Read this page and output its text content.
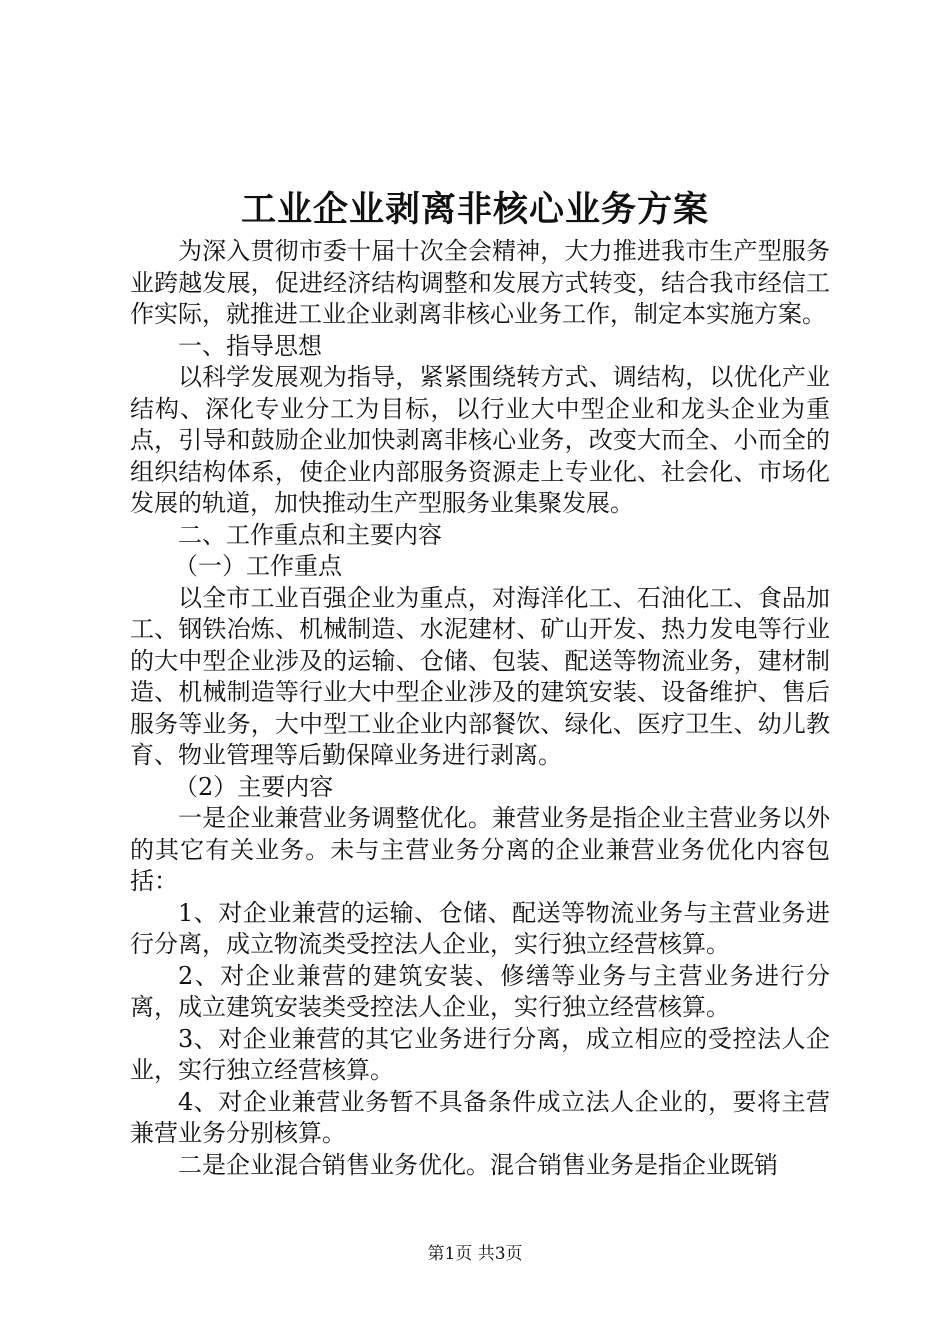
工业企业剥离非核心业务方案

为深入贯彻市委十届十次全会精神，大力推进我市生产型服务业跨越发展，促进经济结构调整和发展方式转变，结合我市经信工作实际，就推进工业企业剥离非核心业务工作，制定本实施方案。

一、指导思想

以科学发展观为指导，紧紧围绕转方式、调结构，以优化产业结构、深化专业分工为目标，以行业大中型企业和龙头企业为重点，引导和鼓励企业加快剥离非核心业务，改变大而全、小而全的组织结构体系，使企业内部服务资源走上专业化、社会化、市场化发展的轨道，加快推动生产型服务业集聚发展。

二、工作重点和主要内容

（一）工作重点

以全市工业百强企业为重点，对海洋化工、石油化工、食品加工、钢铁冶炼、机械制造、水泥建材、矿山开发、热力发电等行业的大中型企业涉及的运输、仓储、包装、配送等物流业务，建材制造、机械制造等行业大中型企业涉及的建筑安装、设备维护、售后服务等业务，大中型工业企业内部餐饮、绿化、医疗卫生、幼儿教育、物业管理等后勤保障业务进行剥离。

（2）主要内容

一是企业兼营业务调整优化。兼营业务是指企业主营业务以外的其它有关业务。未与主营业务分离的企业兼营业务优化内容包括：

1、对企业兼营的运输、仓储、配送等物流业务与主营业务进行分离，成立物流类受控法人企业，实行独立经营核算。

2、对企业兼营的建筑安装、修缮等业务与主营业务进行分离，成立建筑安装类受控法人企业，实行独立经营核算。

3、对企业兼营的其它业务进行分离，成立相应的受控法人企业，实行独立经营核算。

4、对企业兼营业务暂不具备条件成立法人企业的，要将主营兼营业务分别核算。

二是企业混合销售业务优化。混合销售业务是指企业既销

第1页 共3页
